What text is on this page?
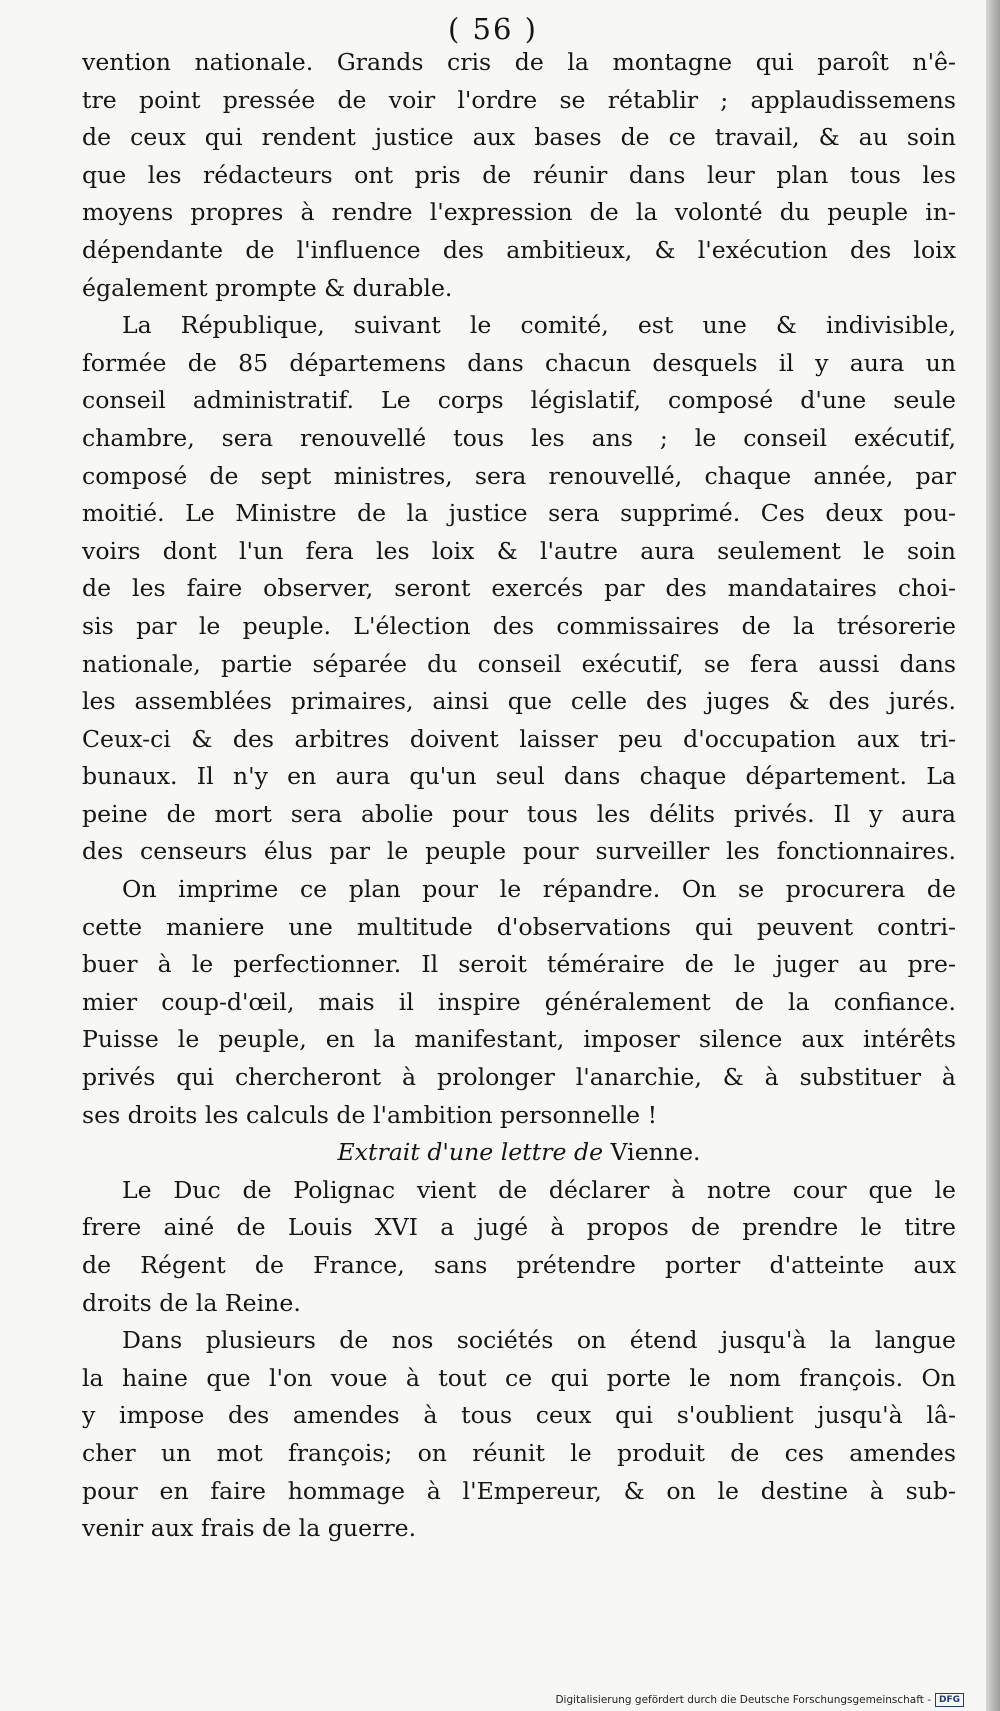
( 56 )

vention nationale. Grands cris de la montagne qui paroît n'ê-
tre point pressée de voir l'ordre se rétablir ; applaudissemens
de ceux qui rendent justice aux bases de ce travail, & au soin
que les rédacteurs ont pris de réunir dans leur plan tous les
moyens propres à rendre l'expression de la volonté du peuple in-
dépendante de l'influence des ambitieux, & l'exécution des loix
également prompte & durable.

La République, suivant le comité, est une & indivisible,
formée de 85 départemens dans chacun desquels il y aura un
conseil administratif. Le corps législatif, composé d'une seule
chambre, sera renouvellé tous les ans ; le conseil exécutif,
composé de sept ministres, sera renouvellé, chaque année, par
moitié. Le Ministre de la justice sera supprimé. Ces deux pou-
voirs dont l'un fera les loix & l'autre aura seulement le soin
de les faire observer, seront exercés par des mandataires choi-
sis par le peuple. L'élection des commissaires de la trésorerie
nationale, partie séparée du conseil exécutif, se fera aussi dans
les assemblées primaires, ainsi que celle des juges & des jurés.
Ceux-ci & des arbitres doivent laisser peu d'occupation aux tri-
bunaux. Il n'y en aura qu'un seul dans chaque département. La
peine de mort sera abolie pour tous les délits privés. Il y aura
des censeurs élus par le peuple pour surveiller les fonctionnaires.

On imprime ce plan pour le répandre. On se procurera de
cette maniere une multitude d'observations qui peuvent contri-
buer à le perfectionner. Il seroit téméraire de le juger au pre-
mier coup-d'œil, mais il inspire généralement de la confiance.
Puisse le peuple, en la manifestant, imposer silence aux intérêts
privés qui chercheront à prolonger l'anarchie, & à substituer à
ses droits les calculs de l'ambition personnelle !

Extrait d'une lettre de Vienne.

Le Duc de Polignac vient de déclarer à notre cour que le
frere ainé de Louis XVI a jugé à propos de prendre le titre
de Régent de France, sans prétendre porter d'atteinte aux
droits de la Reine.

Dans plusieurs de nos sociétés on étend jusqu'à la langue
la haine que l'on voue à tout ce qui porte le nom françois. On
y impose des amendes à tous ceux qui s'oublient jusqu'à lâ-
cher un mot françois; on réunit le produit de ces amendes
pour en faire hommage à l'Empereur, & on le destine à sub-
venir aux frais de la guerre.

Digitalisierung gefördert durch die Deutsche Forschungsgemeinschaft - DFG
